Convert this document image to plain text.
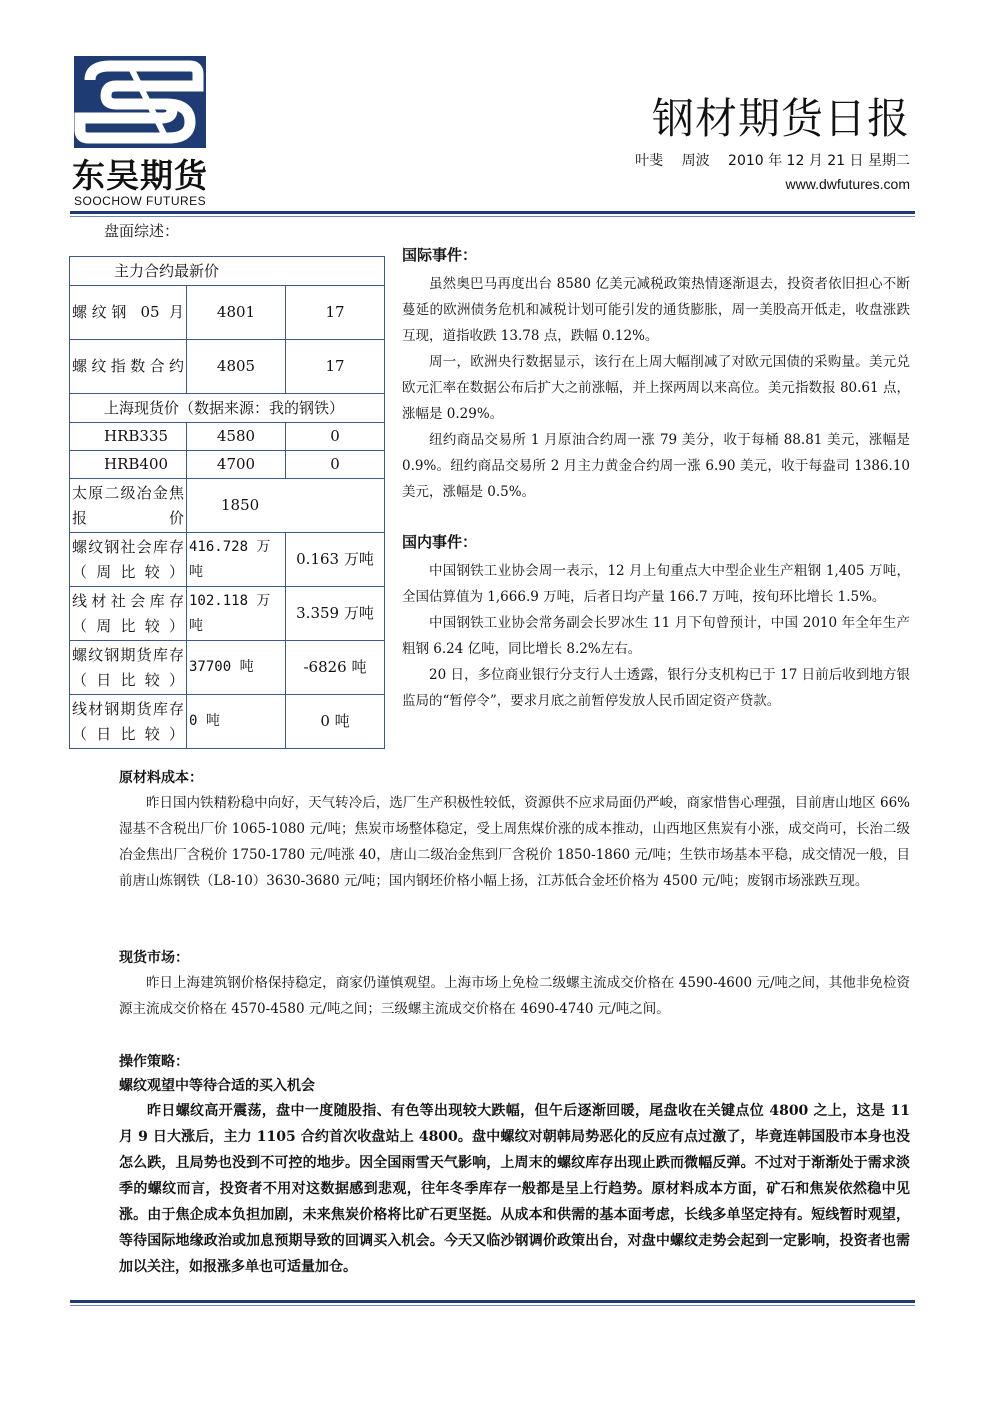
东吴期货
SOOCHOW FUTURES
钢材期货日报
叶斐 周波 2010 年 12 月 21 日 星期二
www.dwfutures.com
盘面综述：
主力合约最新价		
螺纹钢 05 月	4801	17
螺纹指数合约	4805	17
上海现货价（数据来源：我的钢铁）		
HRB335	4580	0
HRB400	4700	0
太原二级冶金焦报价	1850	
螺纹钢社会库存（周比较）	416.728 万吨	0.163 万吨
线材社会库存（周比较）	102.118 万吨	3.359 万吨
螺纹钢期货库存（日比较）	37700 吨	-6826 吨
线材钢期货库存（日比较）	0 吨	0 吨
国际事件：

虽然奥巴马再度出台 8580 亿美元减税政策热情逐渐退去，投资者依旧担心不断蔓延的欧洲债务危机和减税计划可能引发的通货膨胀，周一美股高开低走，收盘涨跌互现，道指收跌 13.78 点，跌幅 0.12%。

周一，欧洲央行数据显示，该行在上周大幅削减了对欧元国债的采购量。美元兑欧元汇率在数据公布后扩大之前涨幅，并上探两周以来高位。美元指数报 80.61 点，涨幅是 0.29%。

纽约商品交易所 1 月原油合约周一涨 79 美分，收于每桶 88.81 美元，涨幅是 0.9%。纽约商品交易所 2 月主力黄金合约周一涨 6.90 美元，收于每盎司 1386.10 美元，涨幅是 0.5%。

国内事件：

中国钢铁工业协会周一表示，12 月上旬重点大中型企业生产粗钢 1,405 万吨，全国估算值为 1,666.9 万吨，后者日均产量 166.7 万吨，按旬环比增长 1.5%。

中国钢铁工业协会常务副会长罗冰生 11 月下旬曾预计，中国 2010 年全年生产粗钢 6.24 亿吨，同比增长 8.2%左右。

20 日，多位商业银行分支行人士透露，银行分支机构已于 17 日前后收到地方银监局的“暂停令”，要求月底之前暂停发放人民币固定资产贷款。

原材料成本：

昨日国内铁精粉稳中向好，天气转冷后，选厂生产积极性较低，资源供不应求局面仍严峻，商家惜售心理强，目前唐山地区 66%湿基不含税出厂价 1065-1080 元/吨；焦炭市场整体稳定，受上周焦煤价涨的成本推动，山西地区焦炭有小涨，成交尚可，长治二级冶金焦出厂含税价 1750-1780 元/吨涨 40，唐山二级冶金焦到厂含税价 1850-1860 元/吨；生铁市场基本平稳，成交情况一般，目前唐山炼钢铁（L8-10）3630-3680 元/吨；国内钢坯价格小幅上扬，江苏低合金坯价格为 4500 元/吨；废钢市场涨跌互现。

现货市场：

昨日上海建筑钢价格保持稳定，商家仍谨慎观望。上海市场上免检二级螺主流成交价格在 4590-4600 元/吨之间，其他非免检资源主流成交价格在 4570-4580 元/吨之间；三级螺主流成交价格在 4690-4740 元/吨之间。

操作策略：
螺纹观望中等待合适的买入机会

昨日螺纹高开震荡，盘中一度随股指、有色等出现较大跌幅，但午后逐渐回暖，尾盘收在关键点位 4800 之上，这是 11 月 9 日大涨后，主力 1105 合约首次收盘站上 4800。盘中螺纹对朝韩局势恶化的反应有点过激了，毕竟连韩国股市本身也没怎么跌，且局势也没到不可控的地步。因全国雨雪天气影响，上周末的螺纹库存出现止跌而微幅反弹。不过对于渐渐处于需求淡季的螺纹而言，投资者不用对这数据感到悲观，往年冬季库存一般都是呈上行趋势。原材料成本方面，矿石和焦炭依然稳中见涨。由于焦企成本负担加剧，未来焦炭价格将比矿石更坚挺。从成本和供需的基本面考虑，长线多单坚定持有。短线暂时观望，等待国际地缘政治或加息预期导致的回调买入机会。今天又临沙钢调价政策出台，对盘中螺纹走势会起到一定影响，投资者也需加以关注，如报涨多单也可适量加仓。
